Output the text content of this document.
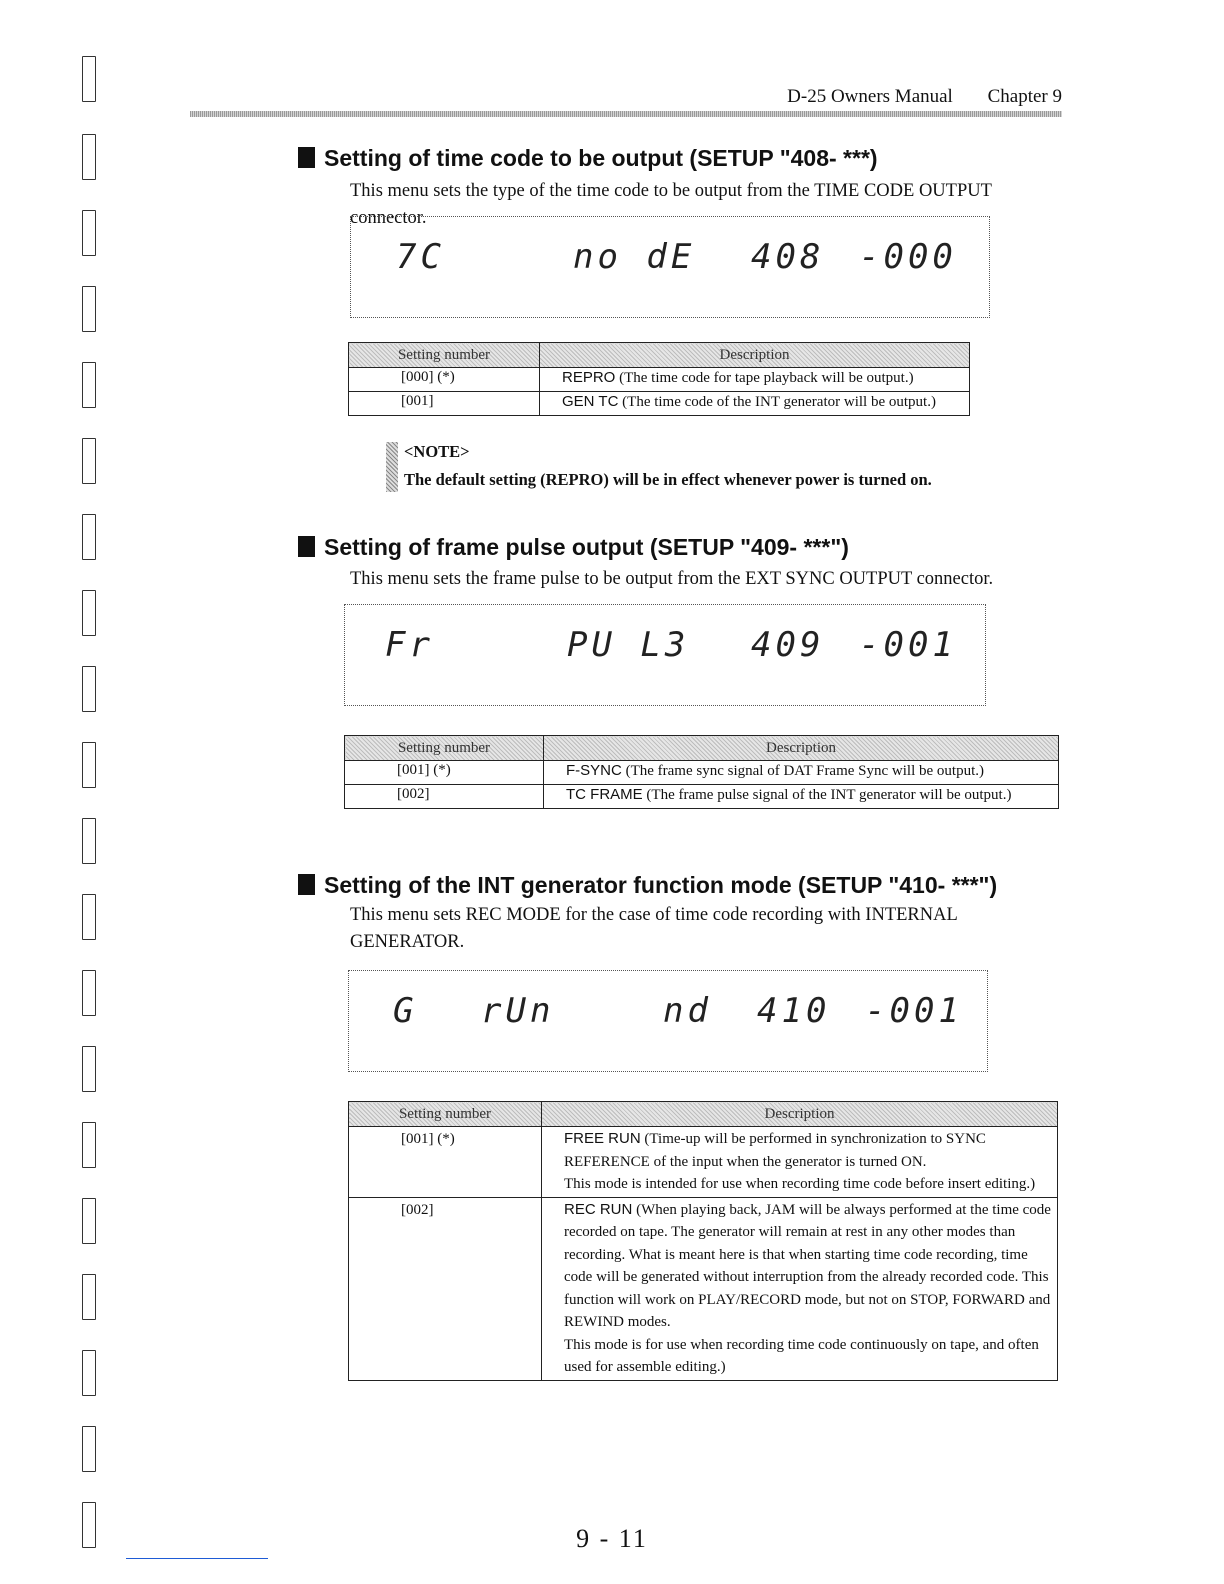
D-25 Owners Manual Chapter 9
Setting of time code to be output (SETUP "408- ***)
This menu sets the type of the time code to be output from the TIME CODE OUTPUT connector.
7C	no dE 408 -000
Setting number	Description
[000] (*)	REPRO (The time code for tape playback will be output.)
[001]	GEN TC (The time code of the INT generator will be output.)
<NOTE>
The default setting (REPRO) will be in effect whenever power is turned on.
Setting of frame pulse output (SETUP "409- ***")
This menu sets the frame pulse to be output from the EXT SYNC OUTPUT connector.
Fr	PU L3 409 -001
Setting number	Description
[001] (*)	F-SYNC (The frame sync signal of DAT Frame Sync will be output.)
[002]	TC FRAME (The frame pulse signal of the INT generator will be output.)
Setting of the INT generator function mode (SETUP "410- ***")
This menu sets REC MODE for the case of time code recording with INTERNAL GENERATOR.
G rUn	nd 410 -001
Setting number	Description
[001] (*)	FREE RUN (Time-up will be performed in synchronization to SYNC REFERENCE of the input when the generator is turned ON.
This mode is intended for use when recording time code before insert editing.)

[002]	REC RUN (When playing back, JAM will be always performed at the time code recorded on tape. The generator will remain at rest in any other modes than recording. What is meant here is that when starting time code recording, time code will be generated without interruption from the already recorded code. This function will work on PLAY/RECORD mode, but not on STOP, FORWARD and REWIND modes.
This mode is for use when recording time code continuously on tape, and often used for assemble editing.)
9 - 11
